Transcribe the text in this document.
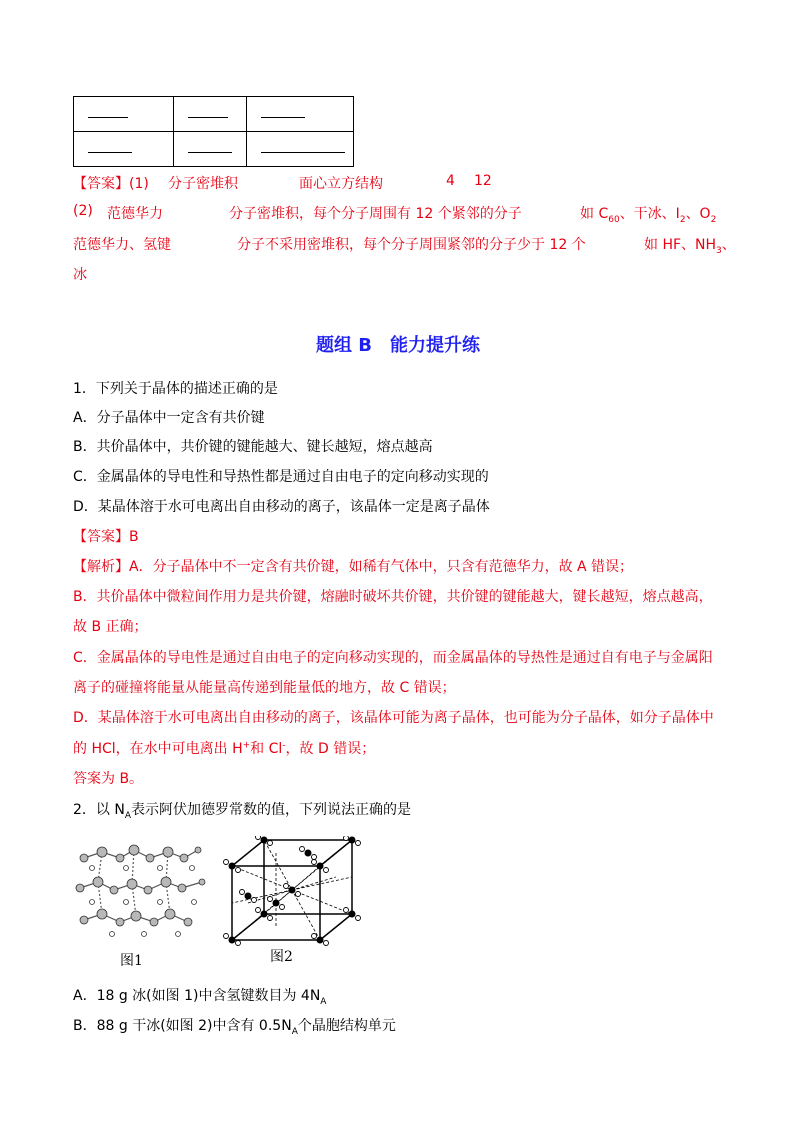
【答案】(1) 分子密堆积	面心立方结构	4 12
(2) 范德华力	分子密堆积，每个分子周围有 12 个紧邻的分子	如 $C_{60}$、干冰、$I_2$、$O_2$
范德华力、氢键	分子不采用密堆积，每个分子周围紧邻的分子少于 12 个	如 HF、$NH_3$、
冰
题组 B　能力提升练
1．下列关于晶体的描述正确的是
A．分子晶体中一定含有共价键
B．共价晶体中，共价键的键能越大、键长越短，熔点越高
C．金属晶体的导电性和导热性都是通过自由电子的定向移动实现的
D．某晶体溶于水可电离出自由移动的离子，该晶体一定是离子晶体
【答案】B
【解析】A．分子晶体中不一定含有共价键，如稀有气体中，只含有范德华力，故 A 错误；
B．共价晶体中微粒间作用力是共价键，熔融时破坏共价键，共价键的键能越大，键长越短，熔点越高，
故 B 正确；
C．金属晶体的导电性是通过自由电子的定向移动实现的，而金属晶体的导热性是通过自有电子与金属阳
离子的碰撞将能量从能量高传递到能量低的地方，故 C 错误；
D．某晶体溶于水可电离出自由移动的离子，该晶体可能为离子晶体，也可能为分子晶体，如分子晶体中
的 HCl，在水中可电离出 H+和 Cl-，故 D 错误；
答案为 B。
2．以 $N_A$表示阿伏加德罗常数的值，下列说法正确的是
图1	图2
A．18 g 冰(如图 1)中含氢键数目为 $4N_A$
B．88 g 干冰(如图 2)中含有 $0.5N_A$个晶胞结构单元
